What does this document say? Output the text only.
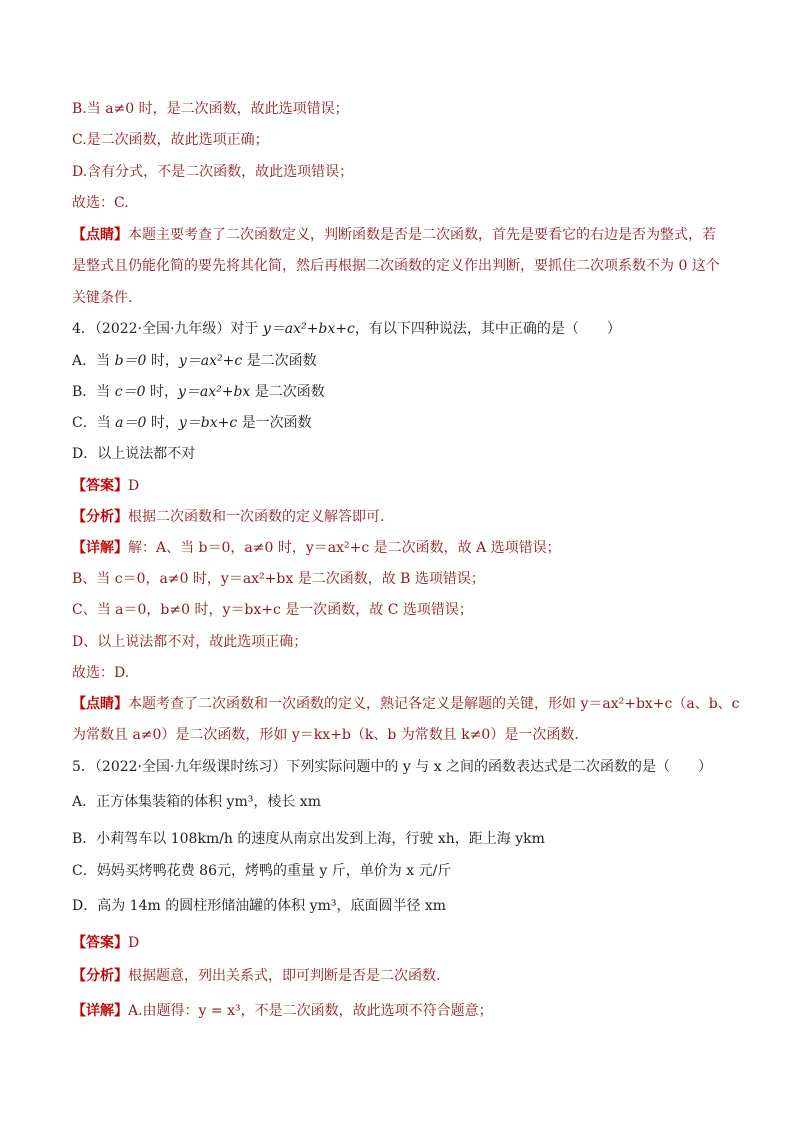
B.当 a≠0 时，是二次函数，故此选项错误；
C.是二次函数，故此选项正确；
D.含有分式，不是二次函数，故此选项错误；
故选：C.
【点睛】本题主要考查了二次函数定义，判断函数是否是二次函数，首先是要看它的右边是否为整式，若
是整式且仍能化简的要先将其化简，然后再根据二次函数的定义作出判断，要抓住二次项系数不为 0 这个
关键条件.
4．（2022·全国·九年级）对于 y＝ax²+bx+c，有以下四种说法，其中正确的是（　　）
A．当 b＝0 时，y＝ax²+c 是二次函数
B．当 c＝0 时，y＝ax²+bx 是二次函数
C．当 a＝0 时，y＝bx+c 是一次函数
D．以上说法都不对
【答案】D
【分析】根据二次函数和一次函数的定义解答即可.
【详解】解：A、当 b＝0，a≠0 时，y＝ax²+c 是二次函数，故 A 选项错误；
B、当 c＝0，a≠0 时，y＝ax²+bx 是二次函数，故 B 选项错误；
C、当 a＝0，b≠0 时，y＝bx+c 是一次函数，故 C 选项错误；
D、以上说法都不对，故此选项正确；
故选：D.
【点睛】本题考查了二次函数和一次函数的定义，熟记各定义是解题的关键，形如 y＝ax²+bx+c（a、b、c
为常数且 a≠0）是二次函数，形如 y＝kx+b（k、b 为常数且 k≠0）是一次函数.
5．（2022·全国·九年级课时练习）下列实际问题中的 y 与 x 之间的函数表达式是二次函数的是（　　）
A．正方体集装箱的体积 ym³，棱长 xm
B．小莉驾车以 108km/h 的速度从南京出发到上海，行驶 xh，距上海 ykm
C．妈妈买烤鸭花费 86元，烤鸭的重量 y 斤，单价为 x 元/斤
D．高为 14m 的圆柱形储油罐的体积 ym³，底面圆半径 xm
【答案】D
【分析】根据题意，列出关系式，即可判断是否是二次函数.
【详解】A.由题得：y = x³，不是二次函数，故此选项不符合题意；
